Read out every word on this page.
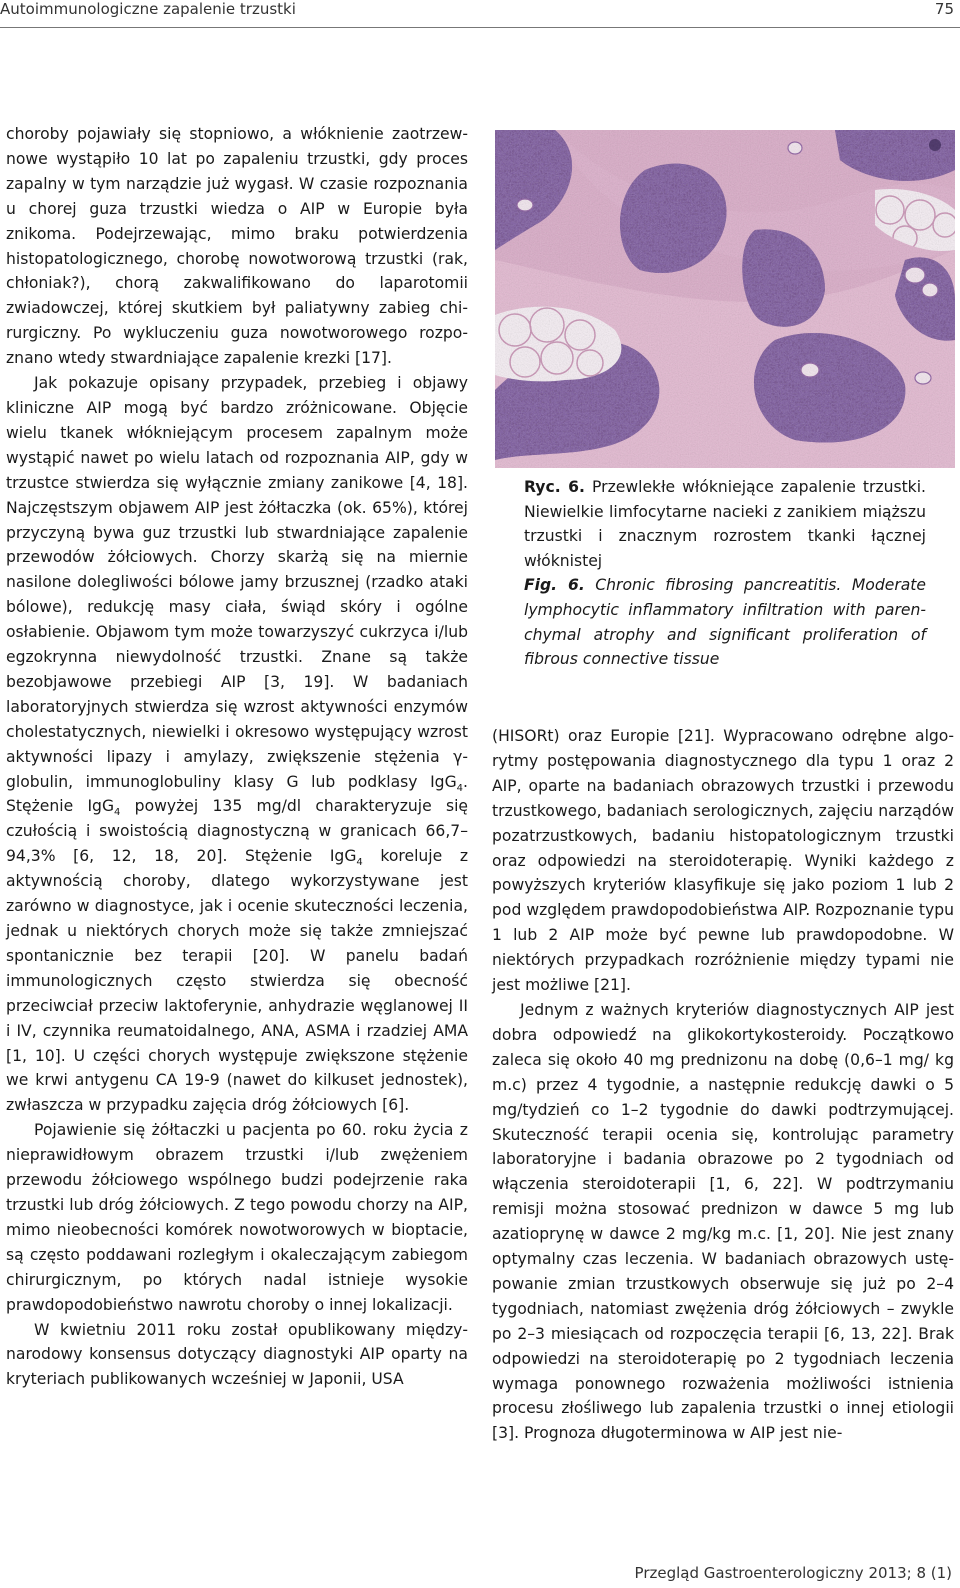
Autoimmunologiczne zapalenie trzustki	75

choroby pojawiały się stopniowo, a włóknienie zaotrzewnowe wystąpiło 10 lat po zapaleniu trzustki, gdy proces zapalny w tym narządzie już wygasł. W czasie rozpoznania u chorej guza trzustki wiedza o AIP w Europie była znikoma. Podejrzewając, mimo braku potwierdzenia histopatologicznego, chorobę nowotworową trzustki (rak, chłoniak?), chorą zakwalifikowano do laparotomii zwiadowczej, której skutkiem był paliatywny zabieg chirurgiczny. Po wykluczeniu guza nowotworowego rozpoznano wtedy stwardniające zapalenie krezki [17].

Jak pokazuje opisany przypadek, przebieg i objawy kliniczne AIP mogą być bardzo zróżnicowane. Objęcie wielu tkanek włókniejącym procesem zapalnym może wystąpić nawet po wielu latach od rozpoznania AIP, gdy w trzustce stwierdza się wyłącznie zmiany zanikowe [4, 18]. Najczęstszym objawem AIP jest żółtaczka (ok. 65%), której przyczyną bywa guz trzustki lub stwardniające zapalenie przewodów żółciowych. Chorzy skarżą się na miernie nasilone dolegliwości bólowe jamy brzusznej (rzadko ataki bólowe), redukcję masy ciała, świąd skóry i ogólne osłabienie. Objawom tym może towarzyszyć cukrzyca i/lub egzokrynna niewydolność trzustki. Znane są także bezobjawowe przebiegi AIP [3, 19]. W badaniach laboratoryjnych stwierdza się wzrost aktywności enzymów cholestatycznych, niewielki i okresowo występujący wzrost aktywności lipazy i amylazy, zwiększenie stężenia γ-globulin, immunoglobuliny klasy G lub podklasy IgG$_4$. Stężenie IgG$_4$ powyżej 135 mg/dl charakteryzuje się czułością i swoistością diagnostyczną w granicach 66,7–94,3% [6, 12, 18, 20]. Stężenie IgG$_4$ koreluje z aktywnością choroby, dlatego wykorzystywane jest zarówno w diagnostyce, jak i ocenie skuteczności leczenia, jednak u niektórych chorych może się także zmniejszać spontanicznie bez terapii [20]. W panelu badań immunologicznych często stwierdza się obecność przeciwciał przeciw laktoferynie, anhydrazie węglanowej II i IV, czynnika reumatoidalnego, ANA, ASMA i rzadziej AMA [1, 10]. U części chorych występuje zwiększone stężenie we krwi antygenu CA 19-9 (nawet do kilkuset jednostek), zwłaszcza w przypadku zajęcia dróg żółciowych [6].

Pojawienie się żółtaczki u pacjenta po 60. roku życia z nieprawidłowym obrazem trzustki i/lub zwężeniem przewodu żółciowego wspólnego budzi podejrzenie raka trzustki lub dróg żółciowych. Z tego powodu chorzy na AIP, mimo nieobecności komórek nowotworowych w bioptacie, są często poddawani rozległym i okaleczającym zabiegom chirurgicznym, po których nadal istnieje wysokie prawdopodobieństwo nawrotu choroby o innej lokalizacji.

W kwietniu 2011 roku został opublikowany międzynarodowy konsensus dotyczący diagnostyki AIP oparty na kryteriach publikowanych wcześniej w Japonii, USA

Ryc. 6. Przewlekłe włókniejące zapalenie trzustki. Niewielkie limfocytarne nacieki z zanikiem miąższu trzustki i znacznym rozrostem tkanki łącznej włóknistej

Fig. 6. Chronic fibrosing pancreatitis. Moderate lymphocytic inflammatory infiltration with parenchymal atrophy and significant proliferation of fibrous connective tissue

(HISORt) oraz Europie [21]. Wypracowano odrębne algorytmy postępowania diagnostycznego dla typu 1 oraz 2 AIP, oparte na badaniach obrazowych trzustki i przewodu trzustkowego, badaniach serologicznych, zajęciu narządów pozatrzustkowych, badaniu histopatologicznym trzustki oraz odpowiedzi na steroidoterapię. Wyniki każdego z powyższych kryteriów klasyfikuje się jako poziom 1 lub 2 pod względem prawdopodobieństwa AIP. Rozpoznanie typu 1 lub 2 AIP może być pewne lub prawdopodobne. W niektórych przypadkach rozróżnienie między typami nie jest możliwe [21].

Jednym z ważnych kryteriów diagnostycznych AIP jest dobra odpowiedź na glikokortykosteroidy. Początkowo zaleca się około 40 mg prednizonu na dobę (0,6–1 mg/ kg m.c) przez 4 tygodnie, a następnie redukcję dawki o 5 mg/tydzień co 1–2 tygodnie do dawki podtrzymującej. Skuteczność terapii ocenia się, kontrolując parametry laboratoryjne i badania obrazowe po 2 tygodniach od włączenia steroidoterapii [1, 6, 22]. W podtrzymaniu remisji można stosować prednizon w dawce 5 mg lub azatioprynę w dawce 2 mg/kg m.c. [1, 20]. Nie jest znany optymalny czas leczenia. W badaniach obrazowych ustępowanie zmian trzustkowych obserwuje się już po 2–4 tygodniach, natomiast zwężenia dróg żółciowych – zwykle po 2–3 miesiącach od rozpoczęcia terapii [6, 13, 22]. Brak odpowiedzi na steroidoterapię po 2 tygodniach leczenia wymaga ponownego rozważenia możliwości istnienia procesu złośliwego lub zapalenia trzustki o innej etiologii [3]. Prognoza długoterminowa w AIP jest nie-

Przegląd Gastroenterologiczny 2013; 8 (1)
